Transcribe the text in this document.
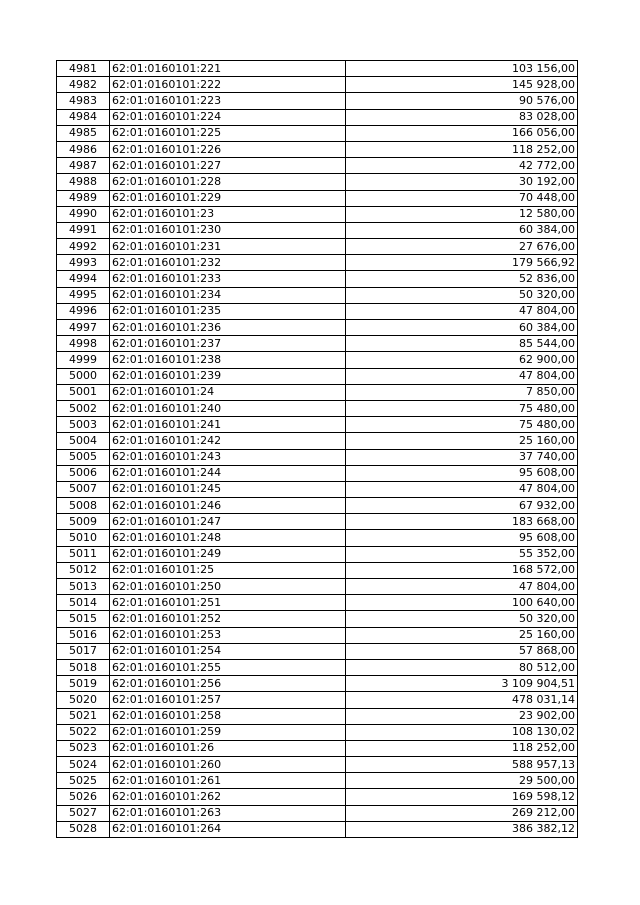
4981	62:01:0160101:221	103 156,00
4982	62:01:0160101:222	145 928,00
4983	62:01:0160101:223	90 576,00
4984	62:01:0160101:224	83 028,00
4985	62:01:0160101:225	166 056,00
4986	62:01:0160101:226	118 252,00
4987	62:01:0160101:227	42 772,00
4988	62:01:0160101:228	30 192,00
4989	62:01:0160101:229	70 448,00
4990	62:01:0160101:23	12 580,00
4991	62:01:0160101:230	60 384,00
4992	62:01:0160101:231	27 676,00
4993	62:01:0160101:232	179 566,92
4994	62:01:0160101:233	52 836,00
4995	62:01:0160101:234	50 320,00
4996	62:01:0160101:235	47 804,00
4997	62:01:0160101:236	60 384,00
4998	62:01:0160101:237	85 544,00
4999	62:01:0160101:238	62 900,00
5000	62:01:0160101:239	47 804,00
5001	62:01:0160101:24	7 850,00
5002	62:01:0160101:240	75 480,00
5003	62:01:0160101:241	75 480,00
5004	62:01:0160101:242	25 160,00
5005	62:01:0160101:243	37 740,00
5006	62:01:0160101:244	95 608,00
5007	62:01:0160101:245	47 804,00
5008	62:01:0160101:246	67 932,00
5009	62:01:0160101:247	183 668,00
5010	62:01:0160101:248	95 608,00
5011	62:01:0160101:249	55 352,00
5012	62:01:0160101:25	168 572,00
5013	62:01:0160101:250	47 804,00
5014	62:01:0160101:251	100 640,00
5015	62:01:0160101:252	50 320,00
5016	62:01:0160101:253	25 160,00
5017	62:01:0160101:254	57 868,00
5018	62:01:0160101:255	80 512,00
5019	62:01:0160101:256	3 109 904,51
5020	62:01:0160101:257	478 031,14
5021	62:01:0160101:258	23 902,00
5022	62:01:0160101:259	108 130,02
5023	62:01:0160101:26	118 252,00
5024	62:01:0160101:260	588 957,13
5025	62:01:0160101:261	29 500,00
5026	62:01:0160101:262	169 598,12
5027	62:01:0160101:263	269 212,00
5028	62:01:0160101:264	386 382,12
